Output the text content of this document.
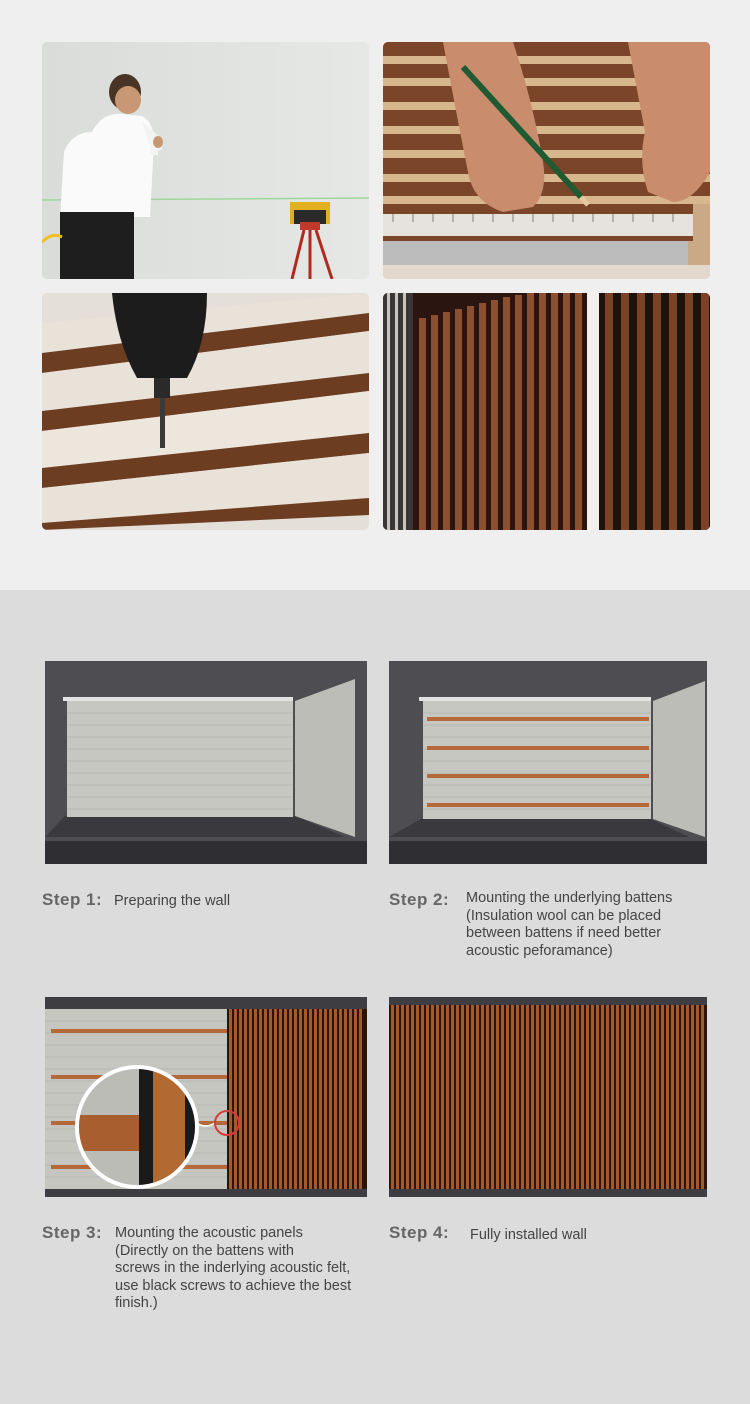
Step 1: Preparing the wall	Step 2: Mounting the underlying battens
(Insulation wool can be placed
between battens if need better
acoustic peforamance)
Step 3: Mounting the acoustic panels
(Directly on the battens with
screws in the inderlying acoustic felt,
use black screws to achieve the best
finish.)
Step 4: Fully installed wall
